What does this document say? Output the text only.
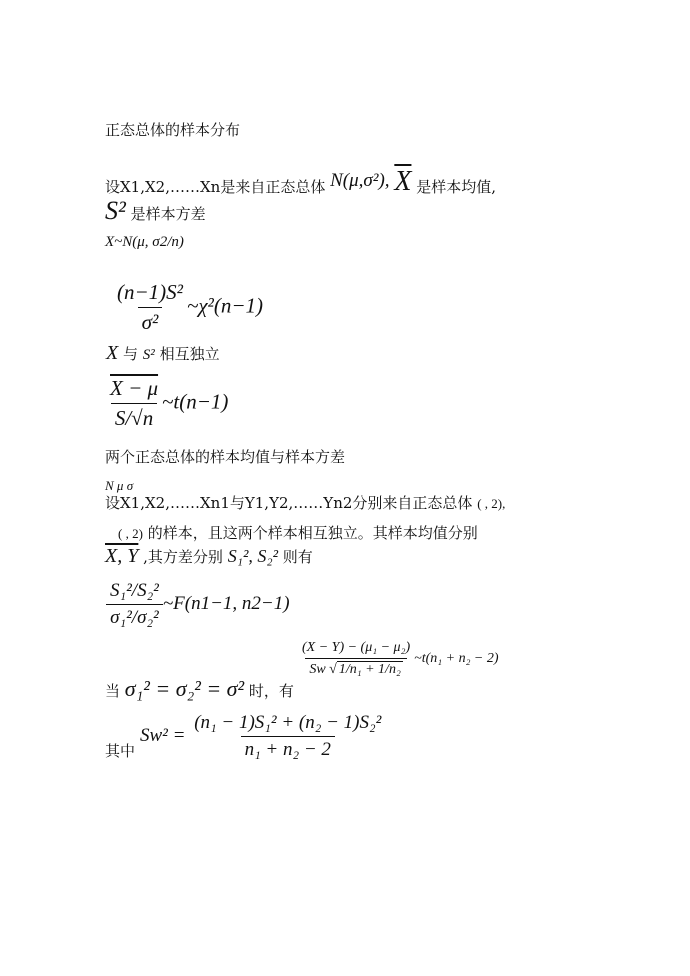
正态总体的样本分布
设X1,X2,……Xn是来自正态总体 N(μ,σ²), $\overline{X}$ 是样本均值,
S² 是样本方差
X~N(μ, σ2/n)
$\frac{\text{(n−1)S²}}{\text{σ²}}$ ~χ²(n−1)
X 与 S² 相互独立
$\frac{X - \mu}{S/√n}$ ~t(n−1)
两个正态总体的样本均值与样本方差
N μ σ
设X1,X2,……Xn1与Y1,Y2,……Yn2分别来自正态总体 ( , 2),
( , 2) 的样本，且这两个样本相互独立。其样本均值分别
X, Y ,其方差分别 S₁², S₂² 则有
$\frac{\text{S₁²/S₂²}}{\text{σ₁²/σ₂²}}$ ~F(n1−1, n2−1)
当 σ₁² = σ₂² = σ² 时，有
$\frac{\text{(X − Y) − (μ₁ − μ₂)}}{\text{Sw √ 1/n₁ + 1/n₂}}$ ~t(n₁ + n₂ − 2)
其中
$Sw^2 = \frac{\text{(n₁ − 1)S₁² + (n₂ − 1)S₂²}}{\text{n₁ + n₂ − 2}}$
